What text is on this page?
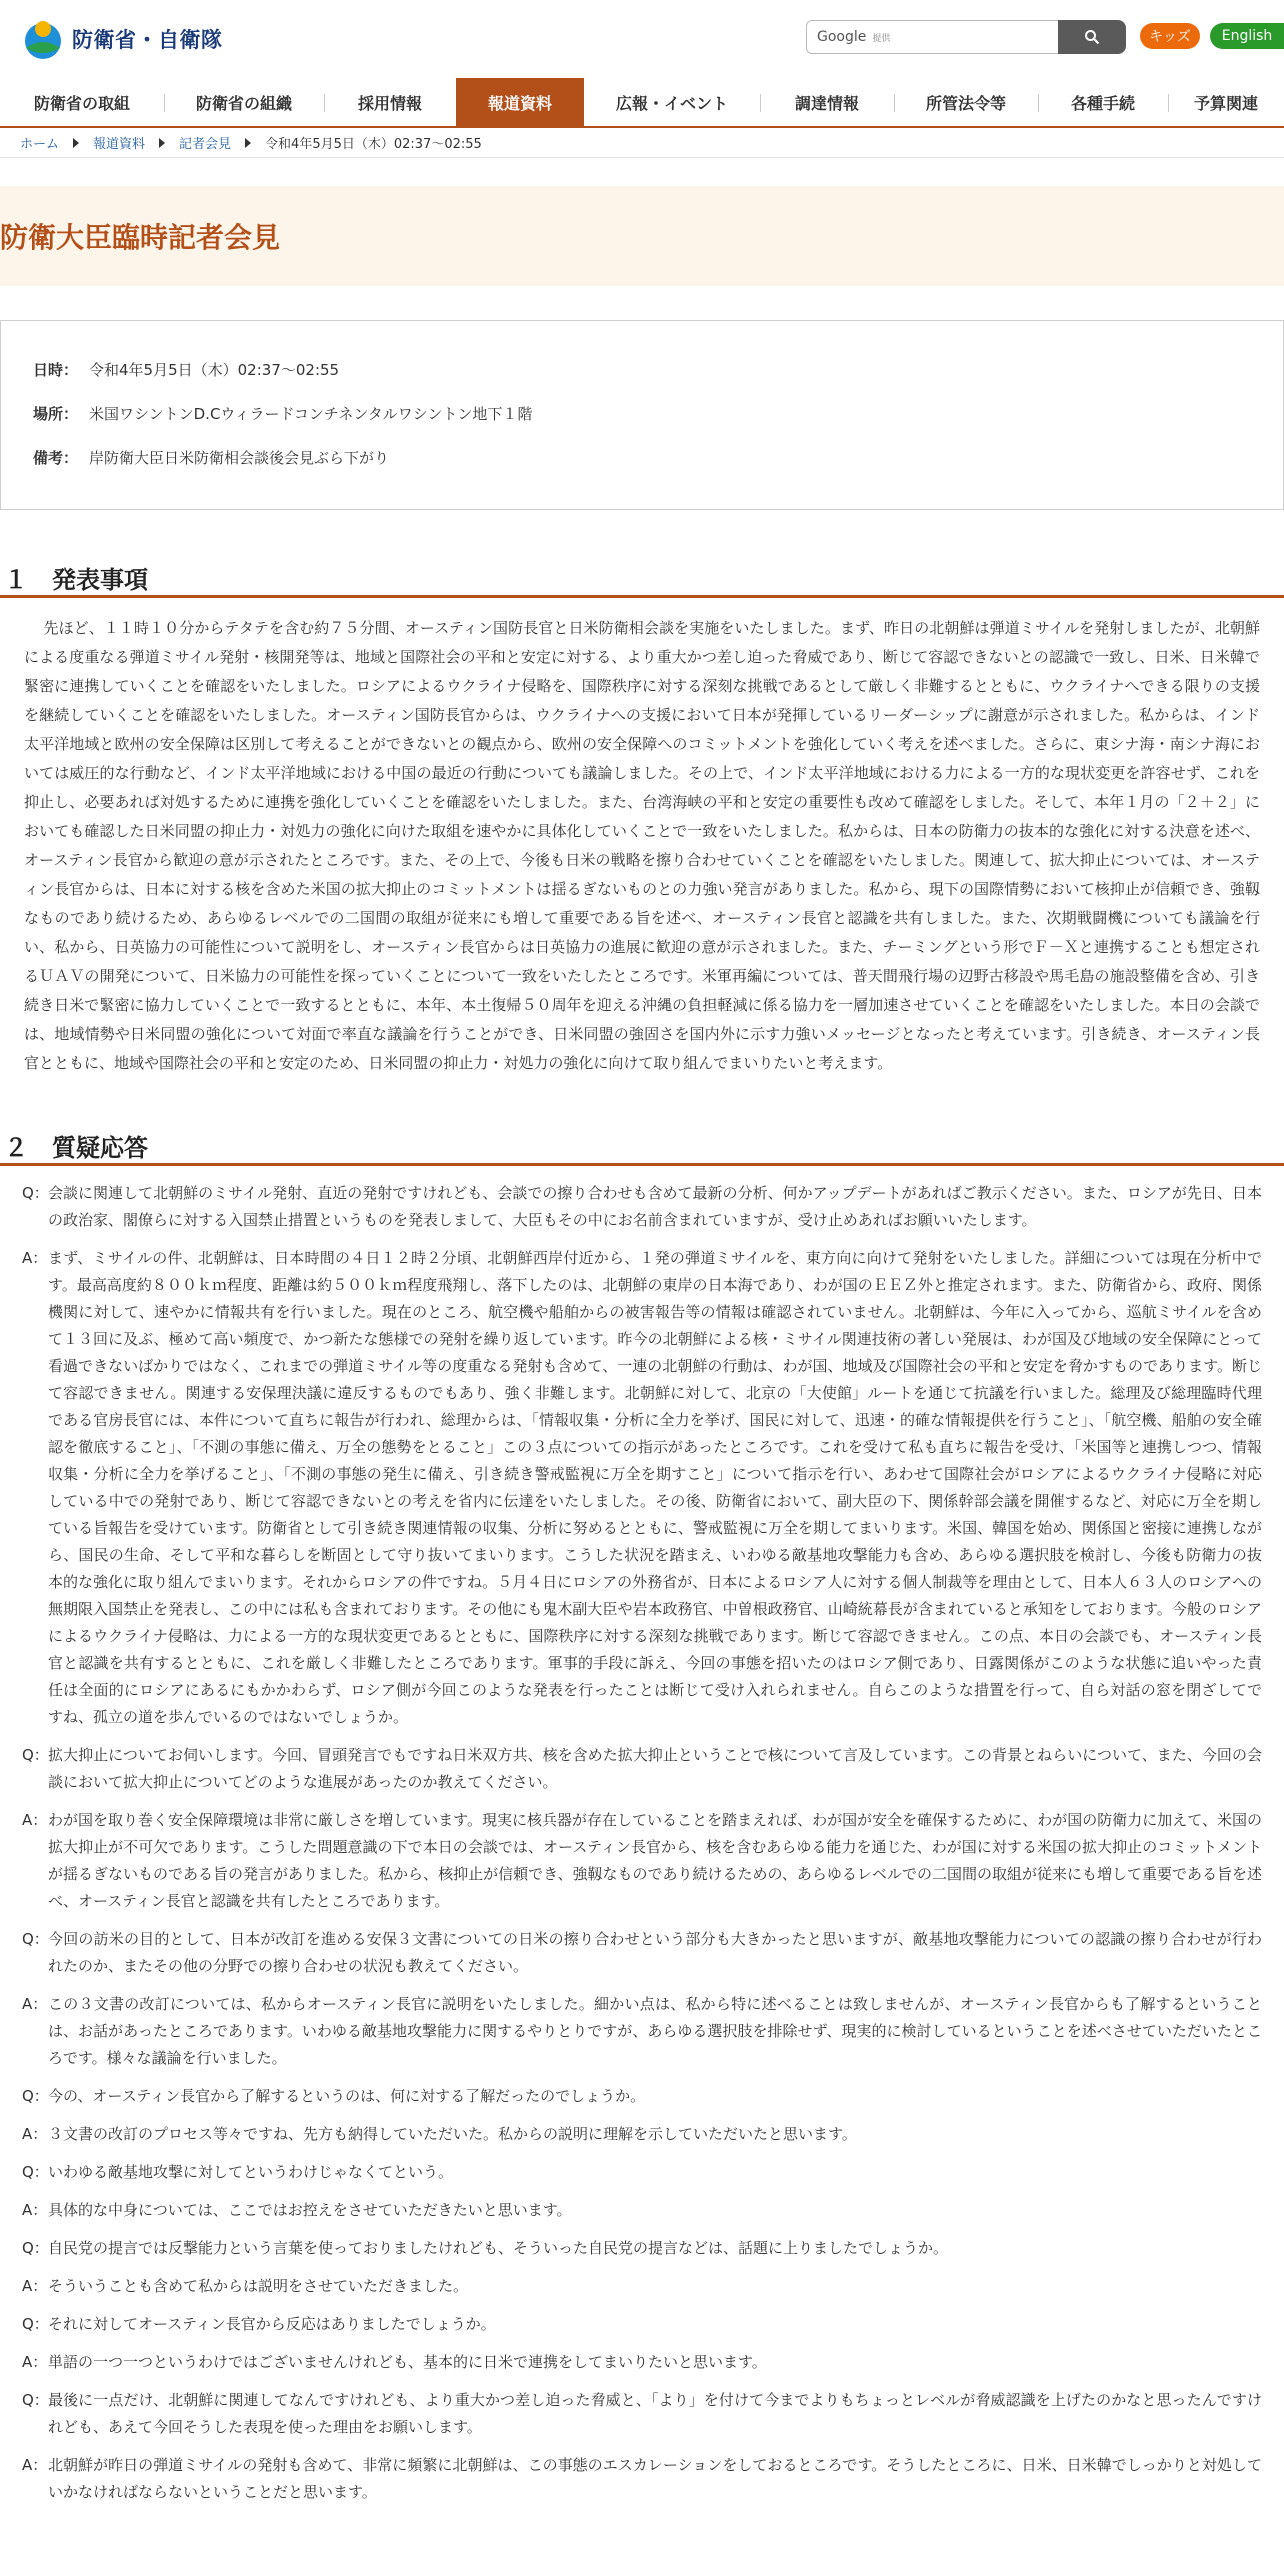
防衛省・自衛隊	Google 提供	キッズ	English
防衛省の取組	防衛省の組織	採用情報	報道資料	広報・イベント	調達情報	所管法令等	各種手続	予算関連
ホーム	報道資料	記者会見	令和4年5月5日（木）02:37～02:55
防衛大臣臨時記者会見
日時： 令和4年5月5日（木）02:37～02:55
場所： 米国ワシントンD.Cウィラードコンチネンタルワシントン地下１階
備考： 岸防衛大臣日米防衛相会談後会見ぶら下がり
１　発表事項

先ほど、１１時１０分からテタテを含む約７５分間、オースティン国防長官と日米防衛相会談を実施をいたしました。まず、昨日の北朝鮮は弾道ミサイルを発射しましたが、北朝鮮による度重なる弾道ミサイル発射・核開発等は、地域と国際社会の平和と安定に対する、より重大かつ差し迫った脅威であり、断じて容認できないとの認識で一致し、日米、日米韓で緊密に連携していくことを確認をいたしました。ロシアによるウクライナ侵略を、国際秩序に対する深刻な挑戦であるとして厳しく非難するとともに、ウクライナへできる限りの支援を継続していくことを確認をいたしました。オースティン国防長官からは、ウクライナへの支援において日本が発揮しているリーダーシップに謝意が示されました。私からは、インド太平洋地域と欧州の安全保障は区別して考えることができないとの観点から、欧州の安全保障へのコミットメントを強化していく考えを述べました。さらに、東シナ海・南シナ海においては威圧的な行動など、インド太平洋地域における中国の最近の行動についても議論しました。その上で、インド太平洋地域における力による一方的な現状変更を許容せず、これを抑止し、必要あれば対処するために連携を強化していくことを確認をいたしました。また、台湾海峡の平和と安定の重要性も改めて確認をしました。そして、本年１月の「２＋２」においても確認した日米同盟の抑止力・対処力の強化に向けた取組を速やかに具体化していくことで一致をいたしました。私からは、日本の防衛力の抜本的な強化に対する決意を述べ、オースティン長官から歓迎の意が示されたところです。また、その上で、今後も日米の戦略を擦り合わせていくことを確認をいたしました。関連して、拡大抑止については、オースティン長官からは、日本に対する核を含めた米国の拡大抑止のコミットメントは揺るぎないものとの力強い発言がありました。私から、現下の国際情勢において核抑止が信頼でき、強靱なものであり続けるため、あらゆるレベルでの二国間の取組が従来にも増して重要である旨を述べ、オースティン長官と認識を共有しました。また、次期戦闘機についても議論を行い、私から、日英協力の可能性について説明をし、オースティン長官からは日英協力の進展に歓迎の意が示されました。また、チーミングという形でＦ－Ｘと連携することも想定されるＵＡＶの開発について、日米協力の可能性を探っていくことについて一致をいたしたところです。米軍再編については、普天間飛行場の辺野古移設や馬毛島の施設整備を含め、引き続き日米で緊密に協力していくことで一致するとともに、本年、本土復帰５０周年を迎える沖縄の負担軽減に係る協力を一層加速させていくことを確認をいたしました。本日の会談では、地域情勢や日米同盟の強化について対面で率直な議論を行うことができ、日米同盟の強固さを国内外に示す力強いメッセージとなったと考えています。引き続き、オースティン長官とともに、地域や国際社会の平和と安定のため、日米同盟の抑止力・対処力の強化に向けて取り組んでまいりたいと考えます。

２　質疑応答
Q： 会談に関連して北朝鮮のミサイル発射、直近の発射ですけれども、会談での擦り合わせも含めて最新の分析、何かアップデートがあればご教示ください。また、ロシアが先日、日本の政治家、閣僚らに対する入国禁止措置というものを発表しまして、大臣もその中にお名前含まれていますが、受け止めあればお願いいたします。
A： まず、ミサイルの件、北朝鮮は、日本時間の４日１２時２分頃、北朝鮮西岸付近から、１発の弾道ミサイルを、東方向に向けて発射をいたしました。詳細については現在分析中です。最高高度約８００ｋｍ程度、距離は約５００ｋｍ程度飛翔し、落下したのは、北朝鮮の東岸の日本海であり、わが国のＥＥＺ外と推定されます。また、防衛省から、政府、関係機関に対して、速やかに情報共有を行いました。現在のところ、航空機や船舶からの被害報告等の情報は確認されていません。北朝鮮は、今年に入ってから、巡航ミサイルを含めて１３回に及ぶ、極めて高い頻度で、かつ新たな態様での発射を繰り返しています。昨今の北朝鮮による核・ミサイル関連技術の著しい発展は、わが国及び地域の安全保障にとって看過できないばかりではなく、これまでの弾道ミサイル等の度重なる発射も含めて、一連の北朝鮮の行動は、わが国、地域及び国際社会の平和と安定を脅かすものであります。断じて容認できません。関連する安保理決議に違反するものでもあり、強く非難します。北朝鮮に対して、北京の「大使館」ルートを通じて抗議を行いました。総理及び総理臨時代理である官房長官には、本件について直ちに報告が行われ、総理からは、「情報収集・分析に全力を挙げ、国民に対して、迅速・的確な情報提供を行うこと」、「航空機、船舶の安全確認を徹底すること」、「不測の事態に備え、万全の態勢をとること」この３点についての指示があったところです。これを受けて私も直ちに報告を受け、「米国等と連携しつつ、情報収集・分析に全力を挙げること」、「不測の事態の発生に備え、引き続き警戒監視に万全を期すこと」について指示を行い、あわせて国際社会がロシアによるウクライナ侵略に対応している中での発射であり、断じて容認できないとの考えを省内に伝達をいたしました。その後、防衛省において、副大臣の下、関係幹部会議を開催するなど、対応に万全を期している旨報告を受けています。防衛省として引き続き関連情報の収集、分析に努めるとともに、警戒監視に万全を期してまいります。米国、韓国を始め、関係国と密接に連携しながら、国民の生命、そして平和な暮らしを断固として守り抜いてまいります。こうした状況を踏まえ、いわゆる敵基地攻撃能力も含め、あらゆる選択肢を検討し、今後も防衛力の抜本的な強化に取り組んでまいります。それからロシアの件ですね。５月４日にロシアの外務省が、日本によるロシア人に対する個人制裁等を理由として、日本人６３人のロシアへの無期限入国禁止を発表し、この中には私も含まれております。その他にも鬼木副大臣や岩本政務官、中曽根政務官、山崎統幕長が含まれていると承知をしております。今般のロシアによるウクライナ侵略は、力による一方的な現状変更であるとともに、国際秩序に対する深刻な挑戦であります。断じて容認できません。この点、本日の会談でも、オースティン長官と認識を共有するとともに、これを厳しく非難したところであります。軍事的手段に訴え、今回の事態を招いたのはロシア側であり、日露関係がこのような状態に追いやった責任は全面的にロシアにあるにもかかわらず、ロシア側が今回このような発表を行ったことは断じて受け入れられません。自らこのような措置を行って、自ら対話の窓を閉ざしてですね、孤立の道を歩んでいるのではないでしょうか。
Q： 拡大抑止についてお伺いします。今回、冒頭発言でもですね日米双方共、核を含めた拡大抑止ということで核について言及しています。この背景とねらいについて、また、今回の会談において拡大抑止についてどのような進展があったのか教えてください。
A： わが国を取り巻く安全保障環境は非常に厳しさを増しています。現実に核兵器が存在していることを踏まえれば、わが国が安全を確保するために、わが国の防衛力に加えて、米国の拡大抑止が不可欠であります。こうした問題意識の下で本日の会談では、オースティン長官から、核を含むあらゆる能力を通じた、わが国に対する米国の拡大抑止のコミットメントが揺るぎないものである旨の発言がありました。私から、核抑止が信頼でき、強靱なものであり続けるための、あらゆるレベルでの二国間の取組が従来にも増して重要である旨を述べ、オースティン長官と認識を共有したところであります。
Q： 今回の訪米の目的として、日本が改訂を進める安保３文書についての日米の擦り合わせという部分も大きかったと思いますが、敵基地攻撃能力についての認識の擦り合わせが行われたのか、またその他の分野での擦り合わせの状況も教えてください。
A： この３文書の改訂については、私からオースティン長官に説明をいたしました。細かい点は、私から特に述べることは致しませんが、オースティン長官からも了解するということは、お話があったところであります。いわゆる敵基地攻撃能力に関するやりとりですが、あらゆる選択肢を排除せず、現実的に検討しているということを述べさせていただいたところです。様々な議論を行いました。
Q： 今の、オースティン長官から了解するというのは、何に対する了解だったのでしょうか。
A： ３文書の改訂のプロセス等々ですね、先方も納得していただいた。私からの説明に理解を示していただいたと思います。
Q： いわゆる敵基地攻撃に対してというわけじゃなくてという。
A： 具体的な中身については、ここではお控えをさせていただきたいと思います。
Q： 自民党の提言では反撃能力という言葉を使っておりましたけれども、そういった自民党の提言などは、話題に上りましたでしょうか。
A： そういうことも含めて私からは説明をさせていただきました。
Q： それに対してオースティン長官から反応はありましたでしょうか。
A： 単語の一つ一つというわけではございませんけれども、基本的に日米で連携をしてまいりたいと思います。
Q： 最後に一点だけ、北朝鮮に関連してなんですけれども、より重大かつ差し迫った脅威と、「より」を付けて今までよりもちょっとレベルが脅威認識を上げたのかなと思ったんですけれども、あえて今回そうした表現を使った理由をお願いします。
A： 北朝鮮が昨日の弾道ミサイルの発射も含めて、非常に頻繁に北朝鮮は、この事態のエスカレーションをしておるところです。そうしたところに、日米、日米韓でしっかりと対処していかなければならないということだと思います。
